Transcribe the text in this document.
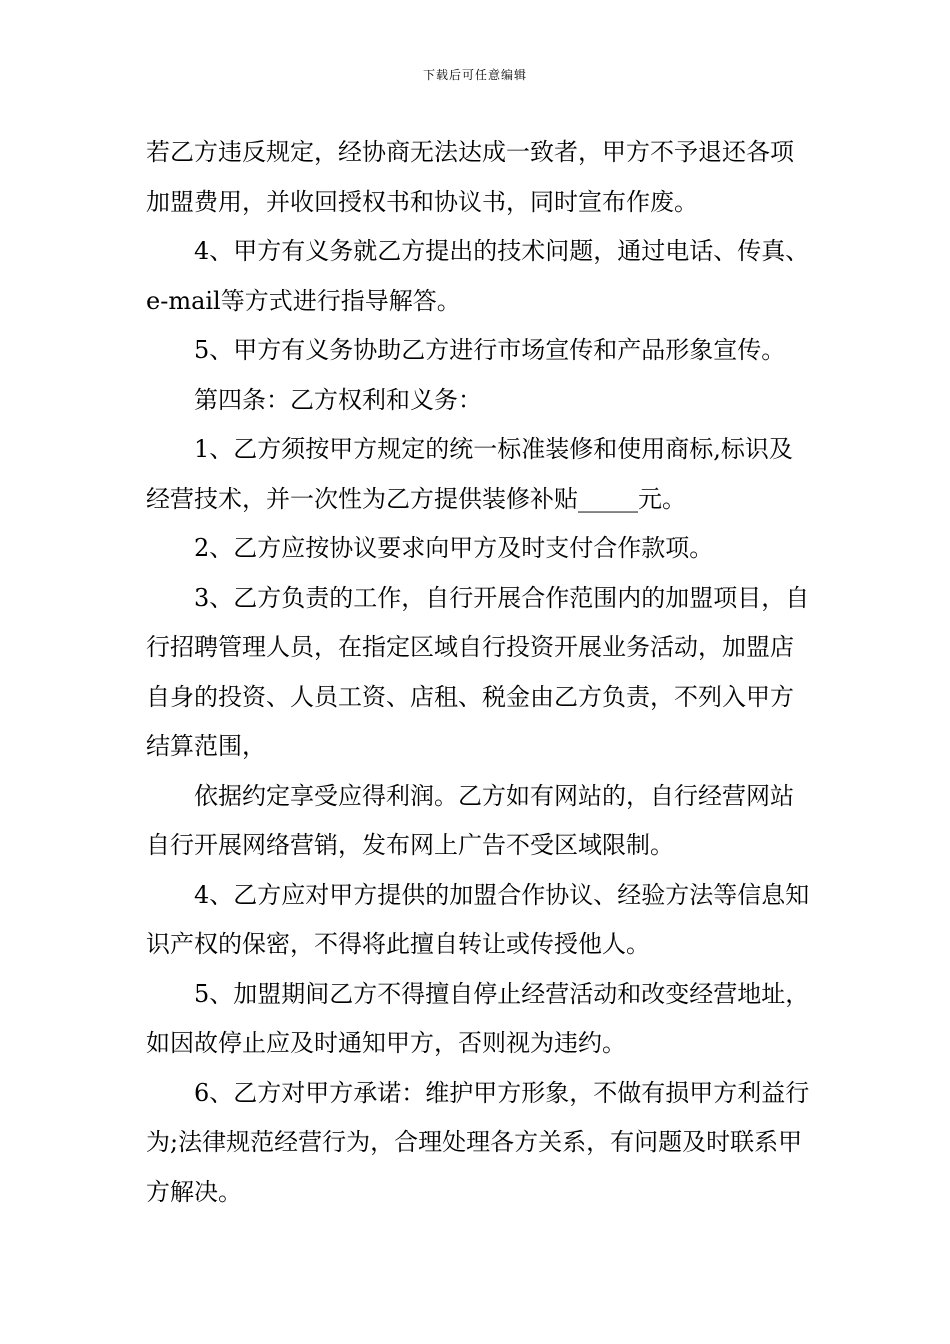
下载后可任意编辑

若乙方违反规定，经协商无法达成一致者，甲方不予退还各项加盟费用，并收回授权书和协议书，同时宣布作废。

4、甲方有义务就乙方提出的技术问题，通过电话、传真、e-mail等方式进行指导解答。

5、甲方有义务协助乙方进行市场宣传和产品形象宣传。

第四条：乙方权利和义务：

1、乙方须按甲方规定的统一标准装修和使用商标,标识及经营技术，并一次性为乙方提供装修补贴_____元。

2、乙方应按协议要求向甲方及时支付合作款项。

3、乙方负责的工作，自行开展合作范围内的加盟项目，自行招聘管理人员，在指定区域自行投资开展业务活动，加盟店自身的投资、人员工资、店租、税金由乙方负责，不列入甲方结算范围，

依据约定享受应得利润。乙方如有网站的，自行经营网站自行开展网络营销，发布网上广告不受区域限制。

4、乙方应对甲方提供的加盟合作协议、经验方法等信息知识产权的保密，不得将此擅自转让或传授他人。

5、加盟期间乙方不得擅自停止经营活动和改变经营地址，如因故停止应及时通知甲方，否则视为违约。

6、乙方对甲方承诺：维护甲方形象，不做有损甲方利益行为;法律规范经营行为，合理处理各方关系，有问题及时联系甲方解决。
